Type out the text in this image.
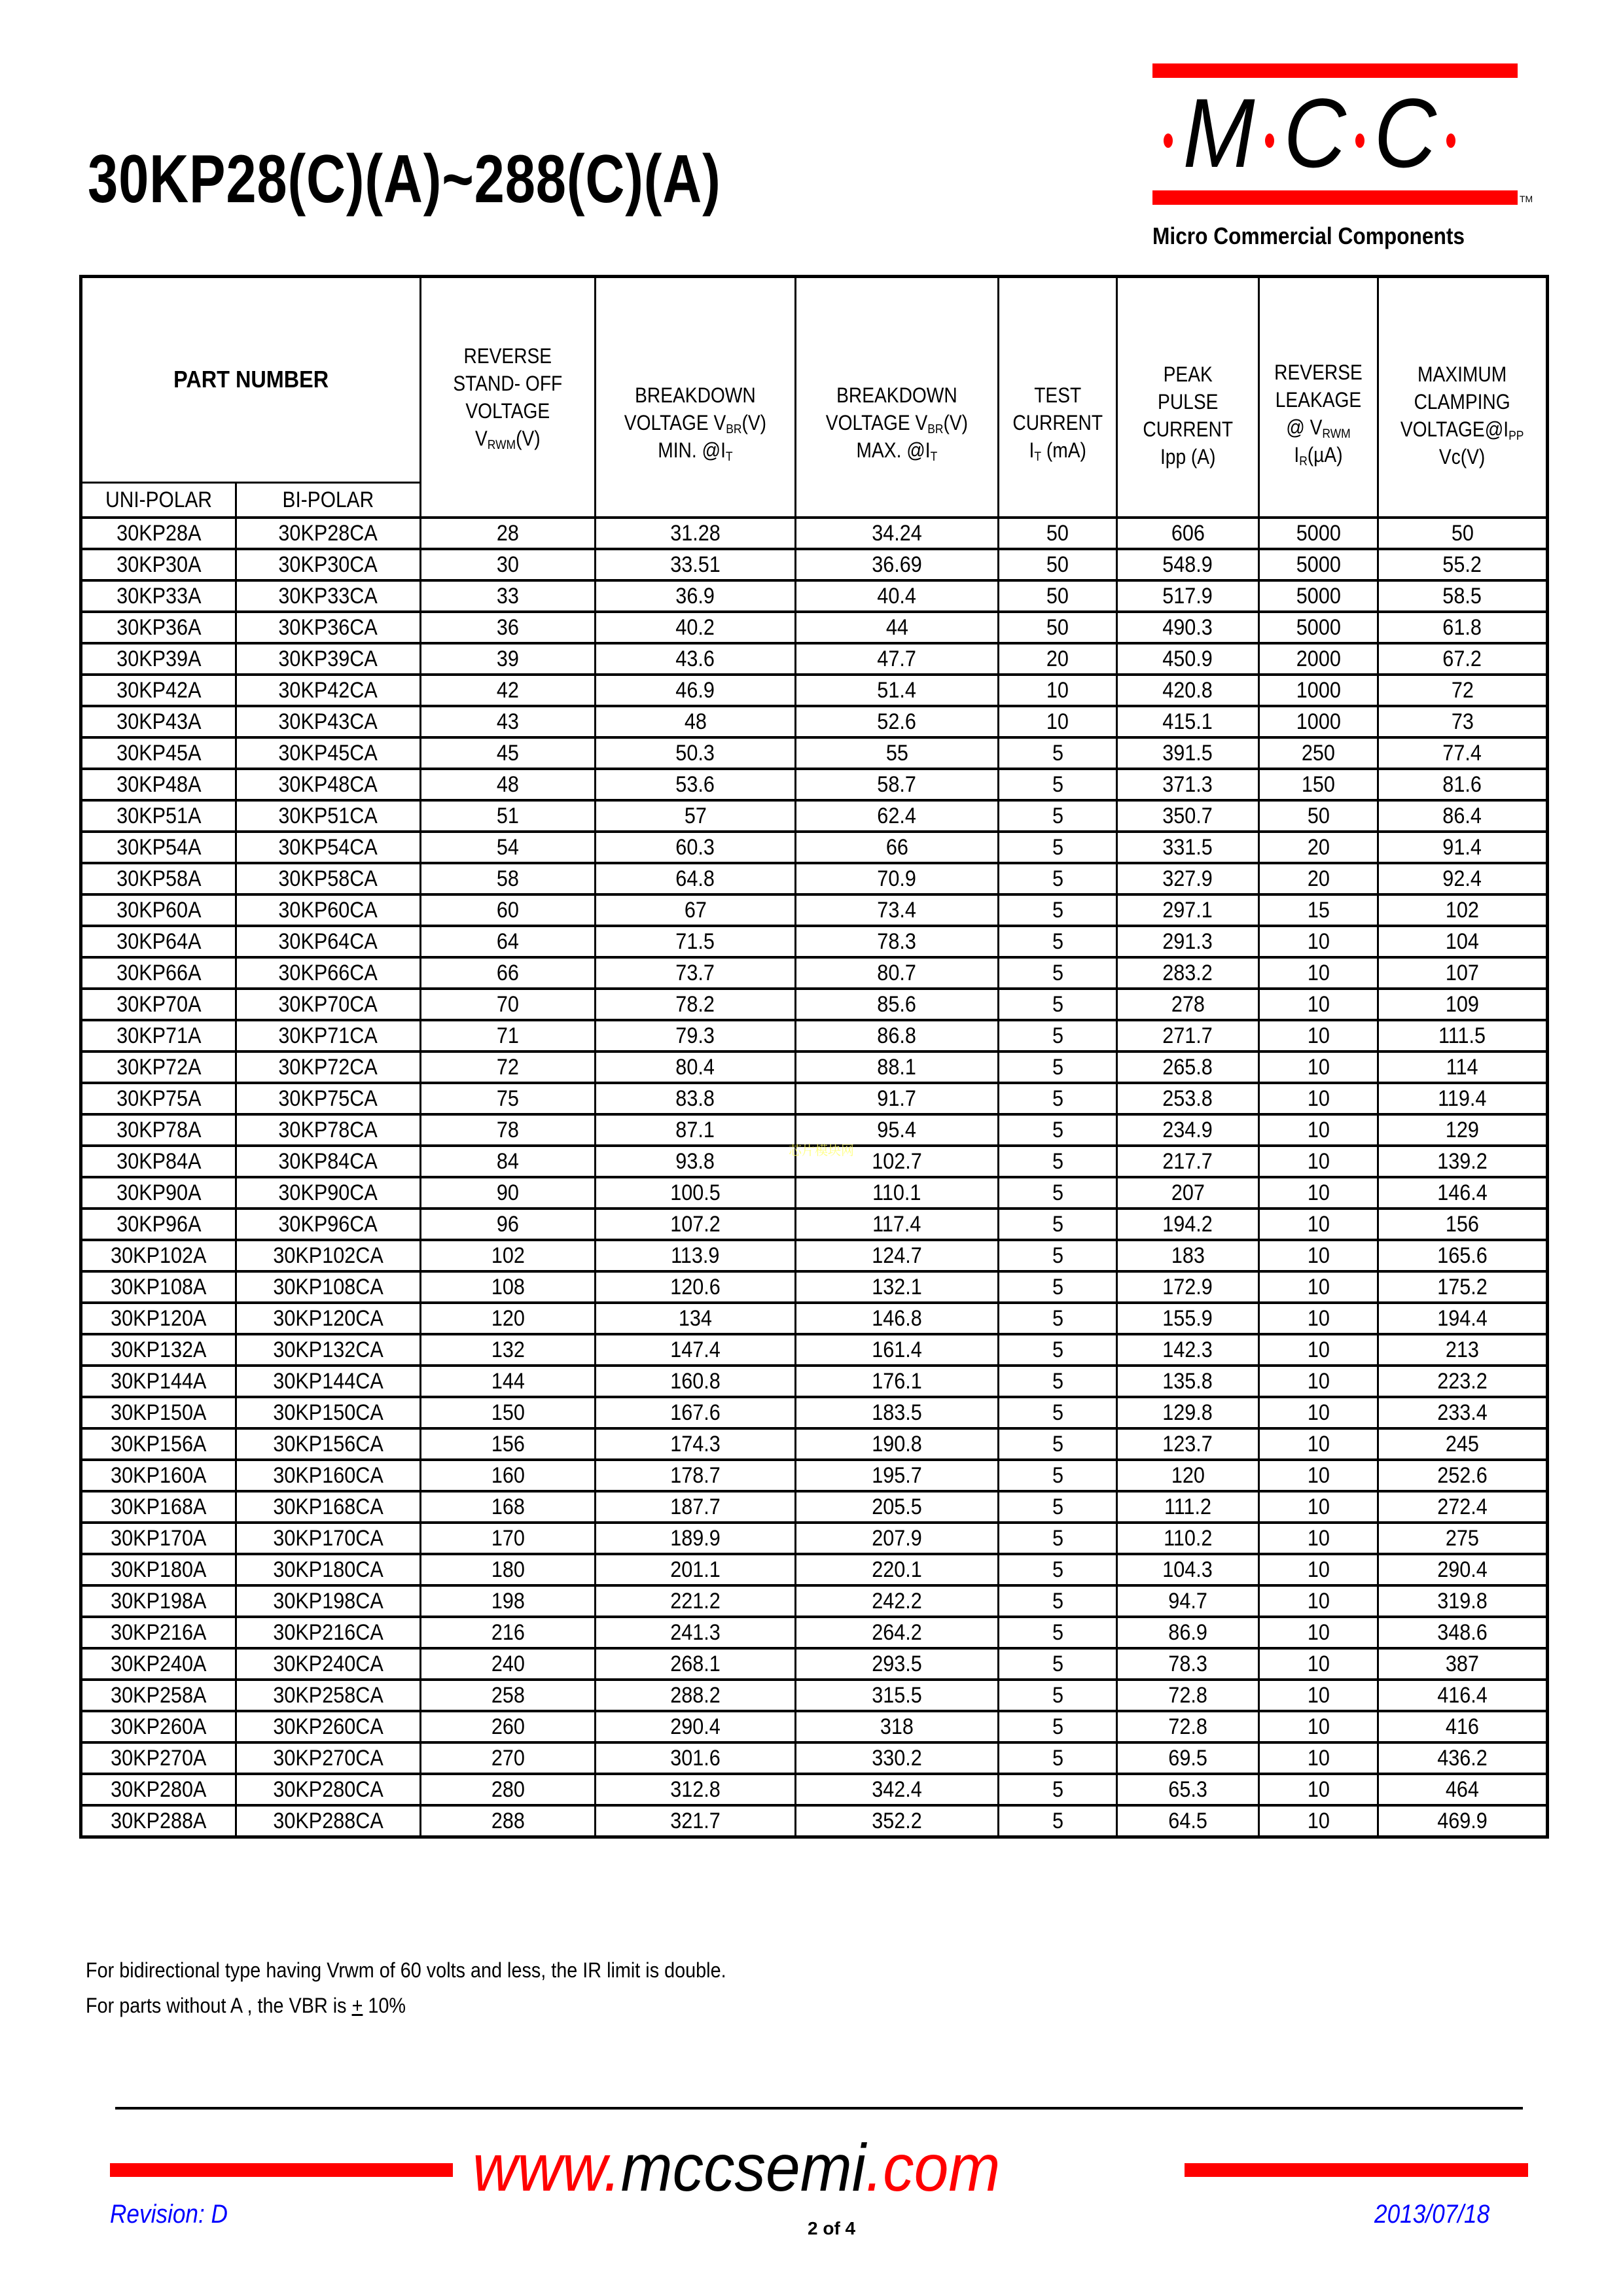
30KP28(C)(A)~288(C)(A)	M C C
TM
Micro Commercial Components
PART NUMBER		REVERSE
STAND- OFF
VOLTAGE
$V_{RWM}(V)$	BREAKDOWN
VOLTAGE $V_{BR}(V)$
MIN. $@I_T$	BREAKDOWN
VOLTAGE $V_{BR}(V)$
MAX. $@I_T$	TEST
CURRENT
$I_T$ (mA)	PEAK
PULSE
CURRENT
Ipp (A)	REVERSE
LEAKAGE
@ $V_{RWM}$
$I_R(\mu A)$	MAXIMUM
CLAMPING
$VOLTAGE@I_{PP}$
Vc(V)
UNI-POLAR	BI-POLAR							
30KP28A	30KP28CA	28	31.28	34.24	50	606	5000	50
30KP30A	30KP30CA	30	33.51	36.69	50	548.9	5000	55.2
30KP33A	30KP33CA	33	36.9	40.4	50	517.9	5000	58.5
30KP36A	30KP36CA	36	40.2	44	50	490.3	5000	61.8
30KP39A	30KP39CA	39	43.6	47.7	20	450.9	2000	67.2
30KP42A	30KP42CA	42	46.9	51.4	10	420.8	1000	72
30KP43A	30KP43CA	43	48	52.6	10	415.1	1000	73
30KP45A	30KP45CA	45	50.3	55	5	391.5	250	77.4
30KP48A	30KP48CA	48	53.6	58.7	5	371.3	150	81.6
30KP51A	30KP51CA	51	57	62.4	5	350.7	50	86.4
30KP54A	30KP54CA	54	60.3	66	5	331.5	20	91.4
30KP58A	30KP58CA	58	64.8	70.9	5	327.9	20	92.4
30KP60A	30KP60CA	60	67	73.4	5	297.1	15	102
30KP64A	30KP64CA	64	71.5	78.3	5	291.3	10	104
30KP66A	30KP66CA	66	73.7	80.7	5	283.2	10	107
30KP70A	30KP70CA	70	78.2	85.6	5	278	10	109
30KP71A	30KP71CA	71	79.3	86.8	5	271.7	10	111.5
30KP72A	30KP72CA	72	80.4	88.1	5	265.8	10	114
30KP75A	30KP75CA	75	83.8	91.7	5	253.8	10	119.4
30KP78A	30KP78CA	78	87.1	95.4	5	234.9	10	129
30KP84A	30KP84CA	84	93.8	102.7	5	217.7	10	139.2
30KP90A	30KP90CA	90	100.5	110.1	5	207	10	146.4
30KP96A	30KP96CA	96	107.2	117.4	5	194.2	10	156
30KP102A	30KP102CA	102	113.9	124.7	5	183	10	165.6
30KP108A	30KP108CA	108	120.6	132.1	5	172.9	10	175.2
30KP120A	30KP120CA	120	134	146.8	5	155.9	10	194.4
30KP132A	30KP132CA	132	147.4	161.4	5	142.3	10	213
30KP144A	30KP144CA	144	160.8	176.1	5	135.8	10	223.2
30KP150A	30KP150CA	150	167.6	183.5	5	129.8	10	233.4
30KP156A	30KP156CA	156	174.3	190.8	5	123.7	10	245
30KP160A	30KP160CA	160	178.7	195.7	5	120	10	252.6
30KP168A	30KP168CA	168	187.7	205.5	5	111.2	10	272.4
30KP170A	30KP170CA	170	189.9	207.9	5	110.2	10	275
30KP180A	30KP180CA	180	201.1	220.1	5	104.3	10	290.4
30KP198A	30KP198CA	198	221.2	242.2	5	94.7	10	319.8
30KP216A	30KP216CA	216	241.3	264.2	5	86.9	10	348.6
30KP240A	30KP240CA	240	268.1	293.5	5	78.3	10	387
30KP258A	30KP258CA	258	288.2	315.5	5	72.8	10	416.4
30KP260A	30KP260CA	260	290.4	318	5	72.8	10	416
30KP270A	30KP270CA	270	301.6	330.2	5	69.5	10	436.2
30KP280A	30KP280CA	280	312.8	342.4	5	65.3	10	464
30KP288A	30KP288CA	288	321.7	352.2	5	64.5	10	469.9
芯片模块网
For bidirectional type having Vrwm of 60 volts and less, the IR limit is double.
For parts without A , the VBR is + 10%
www.mccsemi.com
Revision: D	2 of 4	2013/07/18
